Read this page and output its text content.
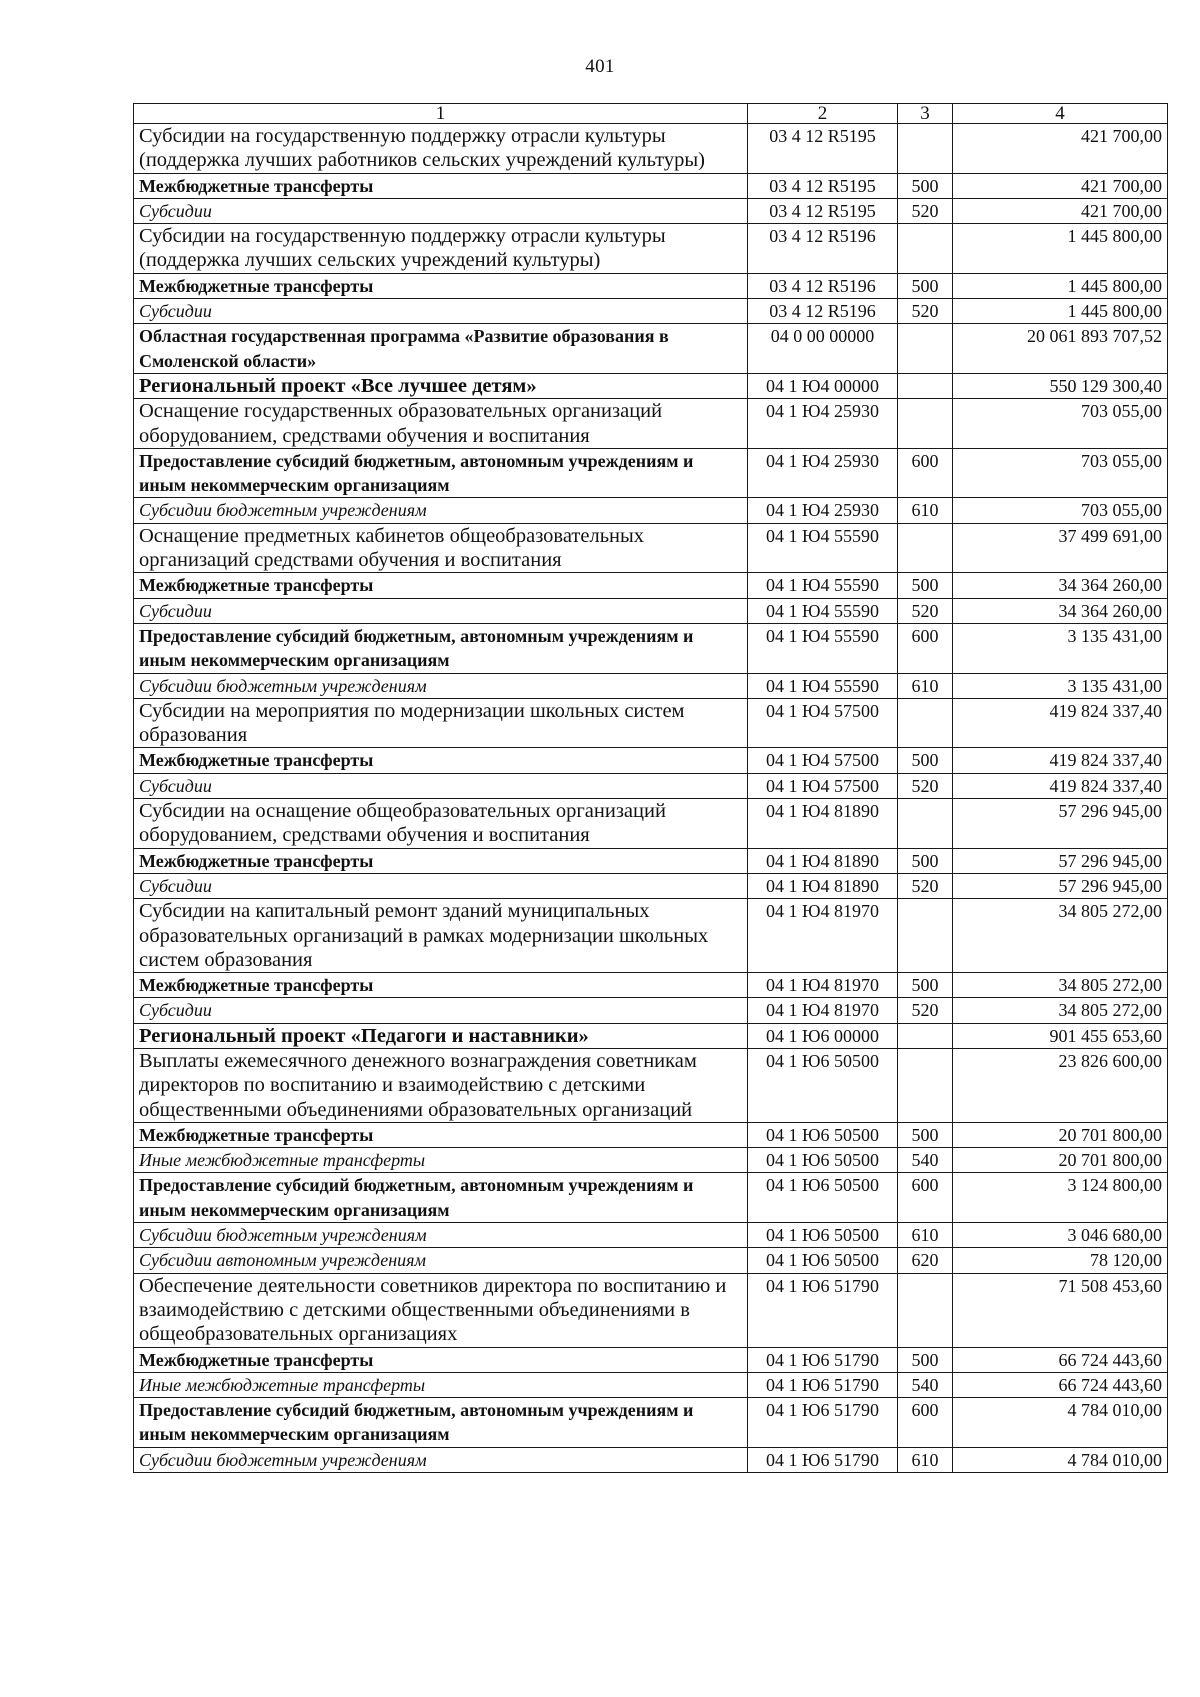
401
1	2	3	4
Субсидии на государственную поддержку отрасли культуры (поддержка лучших работников сельских учреждений культуры)	03 4 12 R5195		421 700,00
Межбюджетные трансферты	03 4 12 R5195	500	421 700,00
Субсидии	03 4 12 R5195	520	421 700,00
Субсидии на государственную поддержку отрасли культуры (поддержка лучших сельских учреждений культуры)	03 4 12 R5196		1 445 800,00
Межбюджетные трансферты	03 4 12 R5196	500	1 445 800,00
Субсидии	03 4 12 R5196	520	1 445 800,00
Областная государственная программа «Развитие образования в Смоленской области»	04 0 00 00000		20 061 893 707,52
Региональный проект «Все лучшее детям»	04 1 Ю4 00000		550 129 300,40
Оснащение государственных образовательных организаций оборудованием, средствами обучения и воспитания	04 1 Ю4 25930		703 055,00
Предоставление субсидий бюджетным, автономным учреждениям и иным некоммерческим организациям	04 1 Ю4 25930	600	703 055,00
Субсидии бюджетным учреждениям	04 1 Ю4 25930	610	703 055,00
Оснащение предметных кабинетов общеобразовательных организаций средствами обучения и воспитания	04 1 Ю4 55590		37 499 691,00
Межбюджетные трансферты	04 1 Ю4 55590	500	34 364 260,00
Субсидии	04 1 Ю4 55590	520	34 364 260,00
Предоставление субсидий бюджетным, автономным учреждениям и иным некоммерческим организациям	04 1 Ю4 55590	600	3 135 431,00
Субсидии бюджетным учреждениям	04 1 Ю4 55590	610	3 135 431,00
Субсидии на мероприятия по модернизации школьных систем образования	04 1 Ю4 57500		419 824 337,40
Межбюджетные трансферты	04 1 Ю4 57500	500	419 824 337,40
Субсидии	04 1 Ю4 57500	520	419 824 337,40
Субсидии на оснащение общеобразовательных организаций оборудованием, средствами обучения и воспитания	04 1 Ю4 81890		57 296 945,00
Межбюджетные трансферты	04 1 Ю4 81890	500	57 296 945,00
Субсидии	04 1 Ю4 81890	520	57 296 945,00
Субсидии на капитальный ремонт зданий муниципальных образовательных организаций в рамках модернизации школьных систем образования	04 1 Ю4 81970		34 805 272,00
Межбюджетные трансферты	04 1 Ю4 81970	500	34 805 272,00
Субсидии	04 1 Ю4 81970	520	34 805 272,00
Региональный проект «Педагоги и наставники»	04 1 Ю6 00000		901 455 653,60
Выплаты ежемесячного денежного вознаграждения советникам директоров по воспитанию и взаимодействию с детскими общественными объединениями образовательных организаций	04 1 Ю6 50500		23 826 600,00
Межбюджетные трансферты	04 1 Ю6 50500	500	20 701 800,00
Иные межбюджетные трансферты	04 1 Ю6 50500	540	20 701 800,00
Предоставление субсидий бюджетным, автономным учреждениям и иным некоммерческим организациям	04 1 Ю6 50500	600	3 124 800,00
Субсидии бюджетным учреждениям	04 1 Ю6 50500	610	3 046 680,00
Субсидии автономным учреждениям	04 1 Ю6 50500	620	78 120,00
Обеспечение деятельности советников директора по воспитанию и взаимодействию с детскими общественными объединениями в общеобразовательных организациях	04 1 Ю6 51790		71 508 453,60
Межбюджетные трансферты	04 1 Ю6 51790	500	66 724 443,60
Иные межбюджетные трансферты	04 1 Ю6 51790	540	66 724 443,60
Предоставление субсидий бюджетным, автономным учреждениям и иным некоммерческим организациям	04 1 Ю6 51790	600	4 784 010,00
Субсидии бюджетным учреждениям	04 1 Ю6 51790	610	4 784 010,00
